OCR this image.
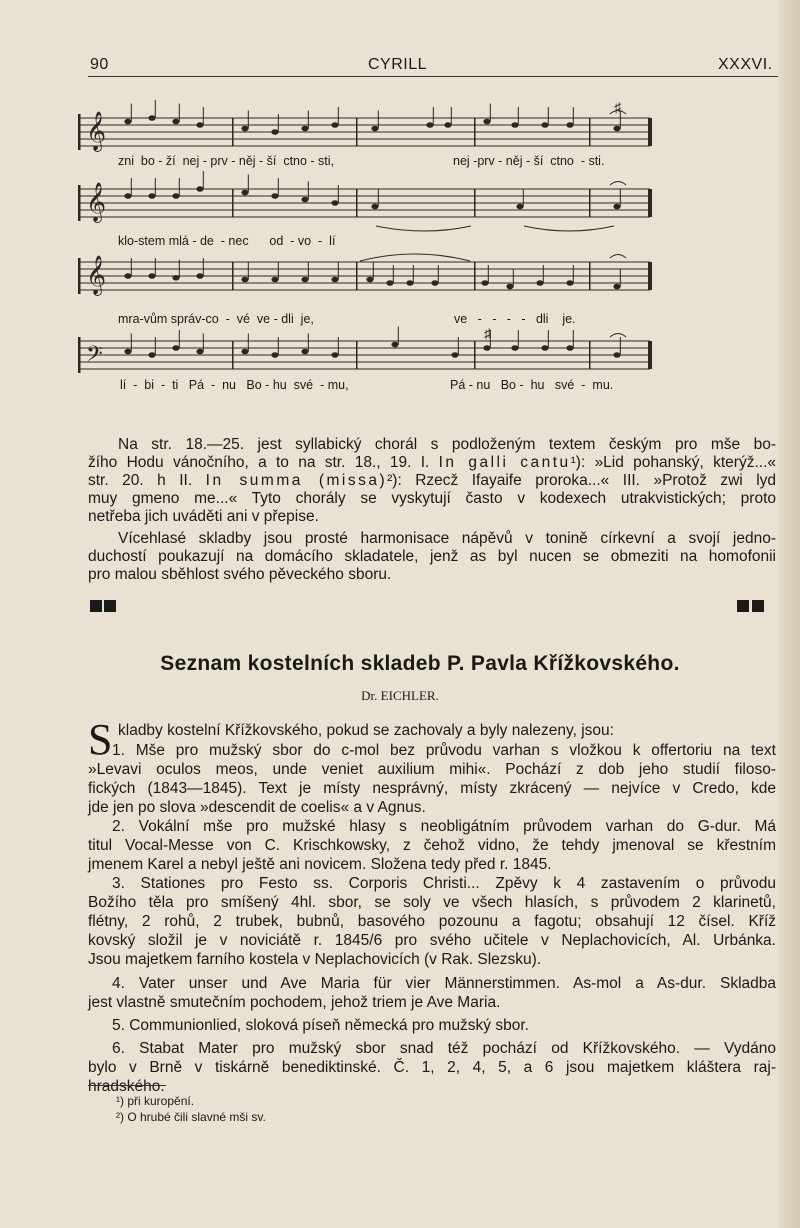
90	CYRILL	XXXVI.
𝄞
𝄞
𝄞
𝄢
♯
♯
zni  bo - ží  nej - prv - něj - ší  ctno - sti,	nej -prv - něj - ší  ctno  - sti.
klo-stem mlá - de  - nec      od  - vo  -  lí
mra-vům správ-co  -  vé  ve - dli  je,	ve   -   -   -   -   dli    je.
lí  -  bi  -  ti   Pá  -  nu   Bo - hu  své  - mu,	Pá - nu   Bo -  hu   své  -  mu.
Na str. 18.—25. jest syllabický chorál s podloženým textem českým pro mše bo-
žího Hodu vánočního, a to na str. 18., 19. I. In galli cantu¹): »Lid pohanský, kterýž...«
str. 20. h II. In summa (missa)²): Rzecž Ifayaife proroka...« III. »Protož zwi lyd
muy gmeno me...« Tyto chorály se vyskytují často v kodexech utrakvistických; proto
netřeba jich uváděti ani v přepise.
Vícehlasé skladby jsou prosté harmonisace nápěvů v tonině církevní a svojí jedno-
duchostí poukazují na domácího skladatele, jenž as byl nucen se obmeziti na homofonii
pro malou sběhlost svého pěveckého sboru.
Seznam kostelních skladeb P. Pavla Křížkovského.
Dr. EICHLER.
S kladby kostelní Křížkovského, pokud se zachovaly a byly nalezeny, jsou:
1. Mše pro mužský sbor do c-mol bez průvodu varhan s vložkou k offertoriu na text
»Levavi oculos meos, unde veniet auxilium mihi«. Pochází z dob jeho studií filoso-
fických (1843—1845). Text je místy nesprávný, místy zkrácený — nejvíce v Credo, kde
jde jen po slova »descendit de coelis« a v Agnus.
2. Vokální mše pro mužské hlasy s neobligátním průvodem varhan do G-dur. Má
titul Vocal-Messe von C. Krischkowsky, z čehož vidno, že tehdy jmenoval se křestním
jmenem Karel a nebyl ještě ani novicem. Složena tedy před r. 1845.
3. Stationes pro Festo ss. Corporis Christi... Zpěvy k 4 zastavením o průvodu
Božího těla pro smíšený 4hl. sbor, se soly ve všech hlasích, s průvodem 2 klarinetů,
flétny, 2 rohů, 2 trubek, bubnů, basového pozounu a fagotu; obsahují 12 čísel. Kříž
kovský složil je v noviciátě r. 1845/6 pro svého učitele v Neplachovicích, Al. Urbánka.
Jsou majetkem farního kostela v Neplachovicích (v Rak. Slezsku).
4. Vater unser und Ave Maria für vier Männerstimmen. As-mol a As-dur. Skladba
jest vlastně smutečním pochodem, jehož triem je Ave Maria.
5. Communionlied, sloková píseň německá pro mužský sbor.
6. Stabat Mater pro mužský sbor snad též pochází od Křížkovského. — Vydáno
bylo v Brně v tiskárně benediktinské. Č. 1, 2, 4, 5, a 6 jsou majetkem kláštera raj-
hradského.
¹) při kuropění.
²) O hrubé čili slavné mši sv.
